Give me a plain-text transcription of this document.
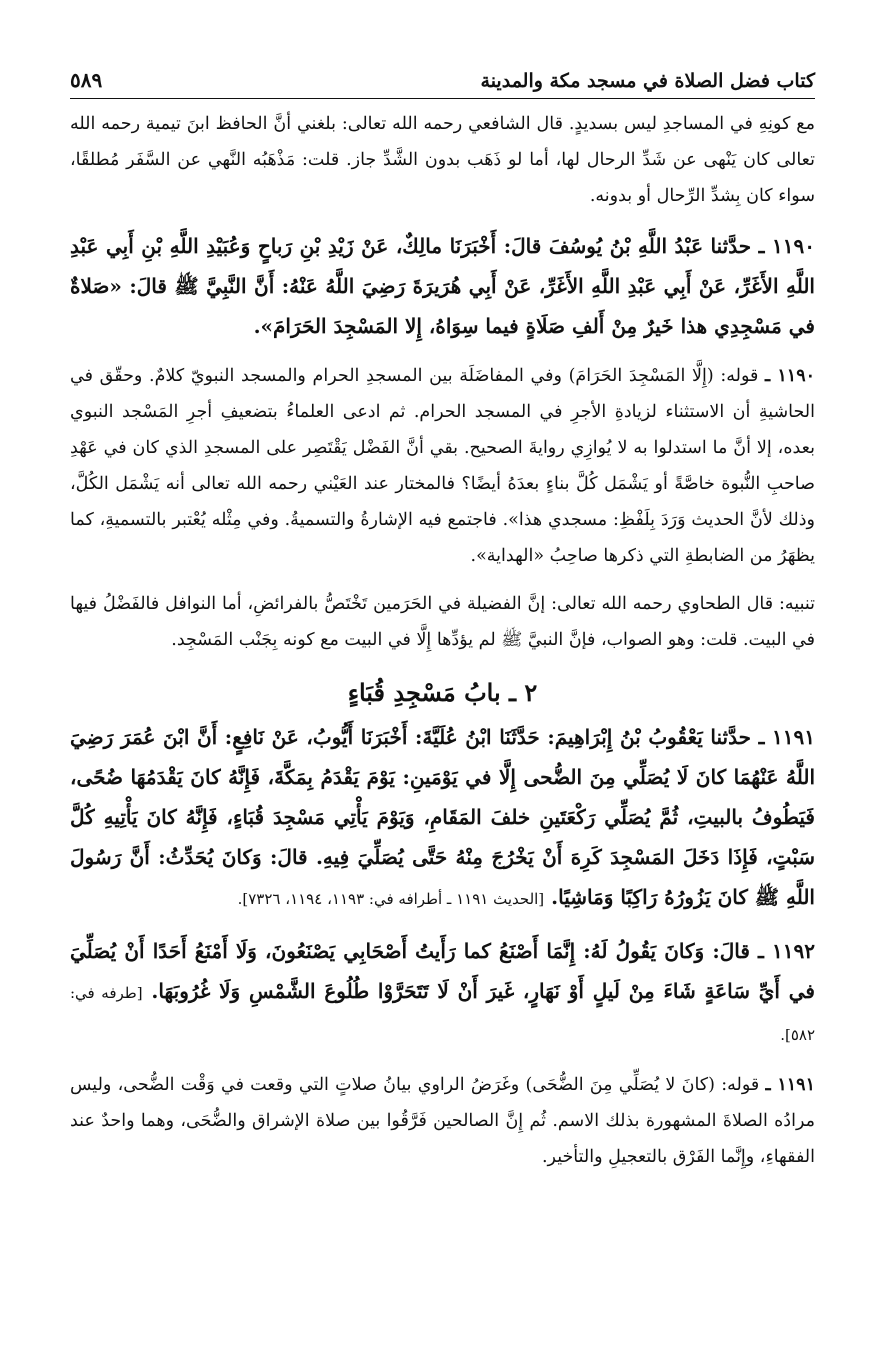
كتاب فضل الصلاة في مسجد مكة والمدينة
٥٨٩

مع كونِهِ في المساجدِ ليس بسديدٍ. قال الشافعي رحمه الله تعالى: بلغني أنَّ الحافظ ابنَ تيمية رحمه الله تعالى كان يَنْهى عن شَدِّ الرحال لها، أما لو ذَهَب بدون الشَّدِّ جاز. قلت: مَذْهَبُه النَّهي عن السَّفَر مُطلقًا، سواء كان بِشدِّ الرِّحال أو بدونه.

١١٩٠ ـ حدَّثنا عَبْدُ اللَّهِ بْنُ يُوسُفَ قالَ: أَخْبَرَنَا مالِكٌ، عَنْ زَيْدِ بْنِ رَباحٍ وَعُبَيْدِ اللَّهِ بْنِ أَبِي عَبْدِ اللَّهِ الأَغَرِّ، عَنْ أَبِي عَبْدِ اللَّهِ الأَغَرِّ، عَنْ أَبِي هُرَيرَةَ رَضِيَ اللَّهُ عَنْهُ: أَنَّ النَّبِيَّ ﷺ قالَ: «صَلاةٌ في مَسْجِدِي هذا خَيرٌ مِنْ أَلفِ صَلَاةٍ فيما سِوَاهُ، إِلا المَسْجِدَ الحَرَامَ».

١١٩٠ ـ قوله: (إِلَّا المَسْجِدَ الحَرَامَ) وفي المفاضَلَة بين المسجدِ الحرام والمسجد النبويّ كلامٌ. وحقّق في الحاشيةِ أن الاستثناء لزيادةِ الأجرِ في المسجد الحرام. ثم ادعى العلماءُ بتضعيفِ أجرِ المَسْجد النبوي بعده، إلا أنَّ ما استدلوا به لا يُوازِي روايةَ الصحيح. بقي أنَّ الفَضْل يَقْتَصِر على المسجدِ الذي كان في عَهْدِ صاحبِ النُّبوة خاصَّةً أو يَشْمَل كُلَّ بناءٍ بعدَهُ أيضًا؟ فالمختار عند العَيْني رحمه الله تعالى أنه يَشْمَل الكُلَّ، وذلك لأنَّ الحديث وَرَدَ بِلَفْظِ: مسجدي هذا». فاجتمع فيه الإشارةُ والتسميةُ. وفي مِثْله يُعْتبر بالتسميةِ، كما يظهَرُ من الضابطةِ التي ذكرها صاحِبُ «الهداية».

تنبيه: قال الطحاوي رحمه الله تعالى: إنَّ الفضيلة في الحَرَمين تَخْتَصُّ بالفرائضِ، أما النوافل فالفَضْلُ فيها في البيت. قلت: وهو الصواب، فإنَّ النبيَّ ﷺ لم يؤدِّها إِلَّا في البيت مع كونه بِجَنْب المَسْجِد.

٢ ـ بابُ مَسْجِدِ قُبَاءٍ

١١٩١ ـ حدَّثنا يَعْقُوبُ بْنُ إِبْرَاهِيمَ: حَدَّثَنَا ابْنُ عُلَيَّةَ: أَخْبَرَنَا أَيُّوبُ، عَنْ نَافِعٍ: أَنَّ ابْنَ عُمَرَ رَضِيَ اللَّهُ عَنْهُمَا كانَ لَا يُصَلِّي مِنَ الضُّحى إِلَّا في يَوْمَينِ: يَوْمَ يَقْدَمُ بِمَكَّةَ، فَإِنَّهُ كانَ يَقْدَمُهَا ضُحًى، فَيَطُوفُ بالبيتِ، ثُمَّ يُصَلِّي رَكْعَتَينِ خلفَ المَقَامِ، وَيَوْمَ يَأْتِي مَسْجِدَ قُبَاءٍ، فَإِنَّهُ كانَ يَأْتِيهِ كُلَّ سَبْتٍ، فَإِذَا دَخَلَ المَسْجِدَ كَرِهَ أَنْ يَخْرُجَ مِنْهُ حَتَّى يُصَلِّيَ فِيهِ. قالَ: وَكانَ يُحَدِّثُ: أَنَّ رَسُولَ اللَّهِ ﷺ كانَ يَزُورُهُ رَاكِبًا وَمَاشِيًا. [الحديث ١١٩١ ـ أطرافه في: ١١٩٣، ١١٩٤، ٧٣٢٦].

١١٩٢ ـ قالَ: وَكانَ يَقُولُ لَهُ: إِنَّمَا أَصْنَعُ كما رَأَيتُ أَصْحَابِي يَصْنَعُونَ، وَلَا أَمْنَعُ أَحَدًا أَنْ يُصَلِّيَ في أَيِّ سَاعَةٍ شَاءَ مِنْ لَيلٍ أَوْ نَهَارٍ، غَيرَ أَنْ لَا تَتَحَرَّوْا طُلُوعَ الشَّمْسِ وَلَا غُرُوبَهَا. [طرفه في: ٥٨٢].

١١٩١ ـ قوله: (كانَ لا يُصَلِّي مِنَ الضُّحَى) وغَرَضُ الراوي بيانُ صلاتٍ التي وقعت في وَقْت الضُّحى، وليس مرادُه الصلاةَ المشهورة بذلك الاسم. ثُم إِنَّ الصالحين فَرَّقُوا بين صلاة الإشراق والضُّحَى، وهما واحدٌ عند الفقهاءِ، وإِنَّما الفَرْق بالتعجيلِ والتأخير.
